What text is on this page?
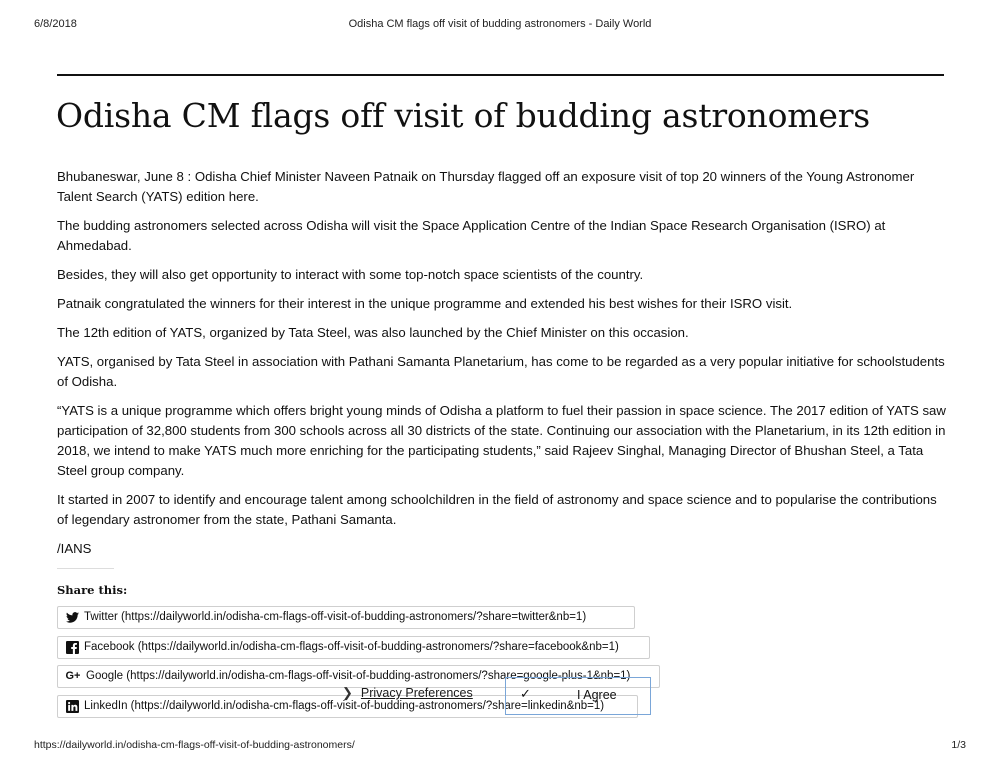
6/8/2018	Odisha CM flags off visit of budding astronomers - Daily World
Odisha CM flags off visit of budding astronomers

Bhubaneswar, June 8 : Odisha Chief Minister Naveen Patnaik on Thursday flagged off an exposure visit of top 20 winners of the Young Astronomer Talent Search (YATS) edition here.

The budding astronomers selected across Odisha will visit the Space Application Centre of the Indian Space Research Organisation (ISRO) at Ahmedabad.

Besides, they will also get opportunity to interact with some top-notch space scientists of the country.

Patnaik congratulated the winners for their interest in the unique programme and extended his best wishes for their ISRO visit.

The 12th edition of YATS, organized by Tata Steel, was also launched by the Chief Minister on this occasion.

YATS, organised by Tata Steel in association with Pathani Samanta Planetarium, has come to be regarded as a very popular initiative for schoolstudents of Odisha.

“YATS is a unique programme which offers bright young minds of Odisha a platform to fuel their passion in space science. The 2017 edition of YATS saw participation of 32,800 students from 300 schools across all 30 districts of the state. Continuing our association with the Planetarium, in its 12th edition in 2018, we intend to make YATS much more enriching for the participating students,” said Rajeev Singhal, Managing Director of Bhushan Steel, a Tata Steel group company.

It started in 2007 to identify and encourage talent among schoolchildren in the field of astronomy and space science and to popularise the contributions of legendary astronomer from the state, Pathani Samanta.

/IANS

Share this:
Twitter (https://dailyworld.in/odisha-cm-flags-off-visit-of-budding-astronomers/?share=twitter&nb=1)
Facebook (https://dailyworld.in/odisha-cm-flags-off-visit-of-budding-astronomers/?share=facebook&nb=1)
G+ Google (https://dailyworld.in/odisha-cm-flags-off-visit-of-budding-astronomers/?share=google-plus-1&nb=1)
LinkedIn (https://dailyworld.in/odisha-cm-flags-off-visit-of-budding-astronomers/?share=linkedin&nb=1)
❯ Privacy Preferences	✓	I Agree
https://dailyworld.in/odisha-cm-flags-off-visit-of-budding-astronomers/	1/3
